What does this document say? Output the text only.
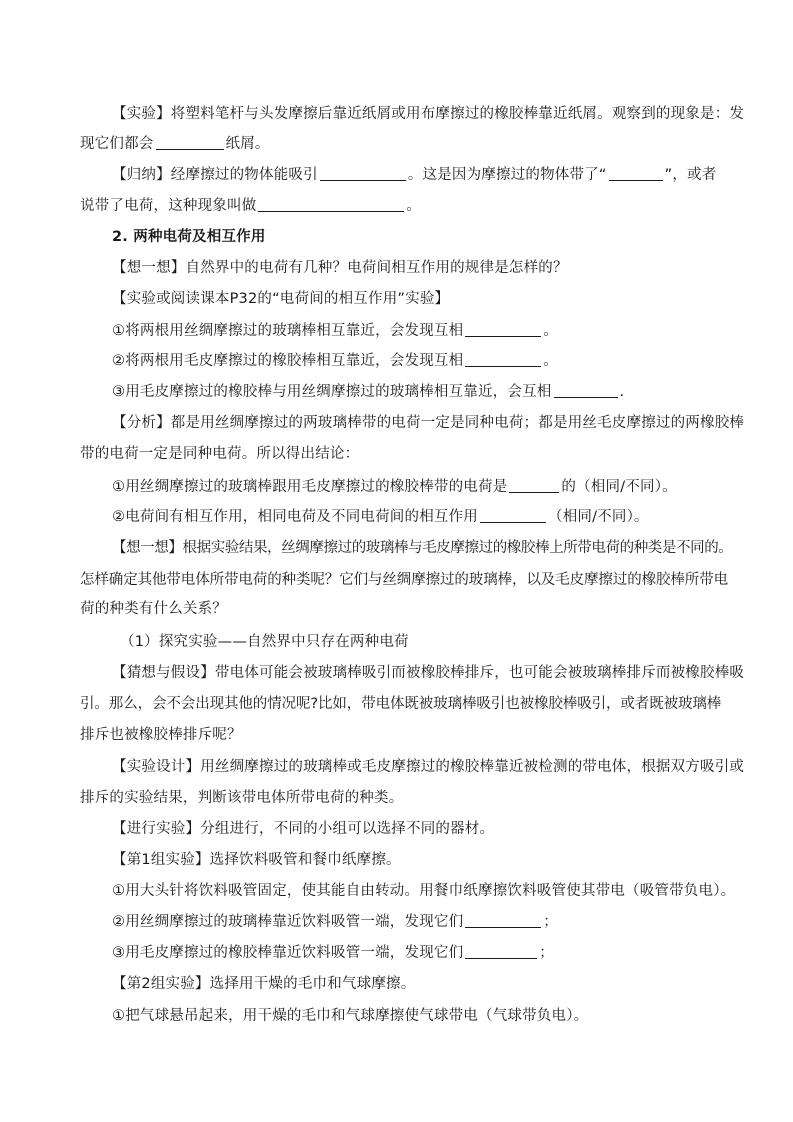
【实验】将塑料笔杆与头发摩擦后靠近纸屑或用布摩擦过的橡胶棒靠近纸屑。观察到的现象是：发
现它们都会	纸屑。
【归纳】经摩擦过的物体能吸引	。这是因为摩擦过的物体带了“	”，或者
说带了电荷，这种现象叫做	。
2. 两种电荷及相互作用
【想一想】自然界中的电荷有几种？电荷间相互作用的规律是怎样的？
【实验或阅读课本P32的“电荷间的相互作用”实验】
①将两根用丝绸摩擦过的玻璃棒相互靠近，会发现互相	。
②将两根用毛皮摩擦过的橡胶棒相互靠近，会发现互相	。
③用毛皮摩擦过的橡胶棒与用丝绸摩擦过的玻璃棒相互靠近，会互相	.
【分析】都是用丝绸摩擦过的两玻璃棒带的电荷一定是同种电荷；都是用丝毛皮摩擦过的两橡胶棒
带的电荷一定是同种电荷。所以得出结论：
①用丝绸摩擦过的玻璃棒跟用毛皮摩擦过的橡胶棒带的电荷是	的（相同/不同）。
②电荷间有相互作用，相同电荷及不同电荷间的相互作用	（相同/不同）。
【想一想】根据实验结果，丝绸摩擦过的玻璃棒与毛皮摩擦过的橡胶棒上所带电荷的种类是不同的。
怎样确定其他带电体所带电荷的种类呢？它们与丝绸摩擦过的玻璃棒，以及毛皮摩擦过的橡胶棒所带电
荷的种类有什么关系？
（1）探究实验——自然界中只存在两种电荷
【猜想与假设】带电体可能会被玻璃棒吸引而被橡胶棒排斥，也可能会被玻璃棒排斥而被橡胶棒吸
引。那么，会不会出现其他的情况呢?比如，带电体既被玻璃棒吸引也被橡胶棒吸引，或者既被玻璃棒
排斥也被橡胶棒排斥呢？
【实验设计】用丝绸摩擦过的玻璃棒或毛皮摩擦过的橡胶棒靠近被检测的带电体，根据双方吸引或
排斥的实验结果，判断该带电体所带电荷的种类。
【进行实验】分组进行，不同的小组可以选择不同的器材。
【第1组实验】选择饮料吸管和餐巾纸摩擦。
①用大头针将饮料吸管固定，使其能自由转动。用餐巾纸摩擦饮料吸管使其带电（吸管带负电）。
②用丝绸摩擦过的玻璃棒靠近饮料吸管一端，发现它们	；
③用毛皮摩擦过的橡胶棒靠近饮料吸管一端，发现它们	；
【第2组实验】选择用干燥的毛巾和气球摩擦。
①把气球悬吊起来，用干燥的毛巾和气球摩擦使气球带电（气球带负电）。
